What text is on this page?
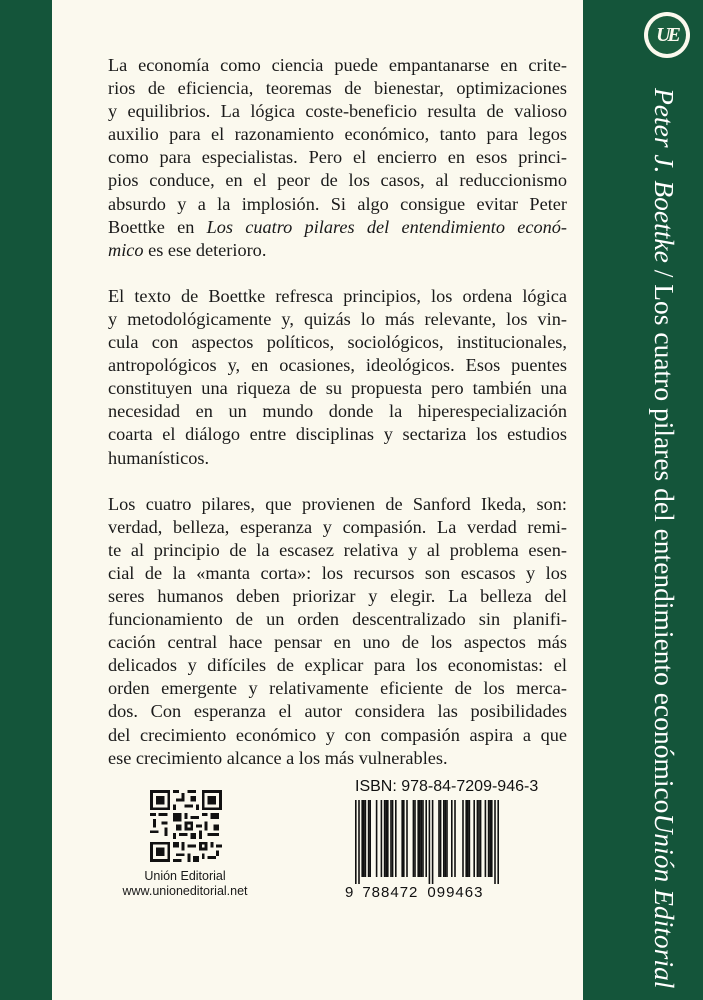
UE
Peter J. Boettke / Los cuatro pilares del entendimiento económico
Unión Editorial

La economía como ciencia puede empantanarse en crite-
rios de eficiencia, teoremas de bienestar, optimizaciones
y equilibrios. La lógica coste-beneficio resulta de valioso
auxilio para el razonamiento económico, tanto para legos
como para especialistas. Pero el encierro en esos princi-
pios conduce, en el peor de los casos, al reduccionismo
absurdo y a la implosión. Si algo consigue evitar Peter
Boettke en Los cuatro pilares del entendimiento econó-
mico es ese deterioro.

El texto de Boettke refresca principios, los ordena lógica
y metodológicamente y, quizás lo más relevante, los vin-
cula con aspectos políticos, sociológicos, institucionales,
antropológicos y, en ocasiones, ideológicos. Esos puentes
constituyen una riqueza de su propuesta pero también una
necesidad en un mundo donde la hiperespecialización
coarta el diálogo entre disciplinas y sectariza los estudios
humanísticos.

Los cuatro pilares, que provienen de Sanford Ikeda, son:
verdad, belleza, esperanza y compasión. La verdad remi-
te al principio de la escasez relativa y al problema esen-
cial de la «manta corta»: los recursos son escasos y los
seres humanos deben priorizar y elegir. La belleza del
funcionamiento de un orden descentralizado sin planifi-
cación central hace pensar en uno de los aspectos más
delicados y difíciles de explicar para los economistas: el
orden emergente y relativamente eficiente de los merca-
dos. Con esperanza el autor considera las posibilidades
del crecimiento económico y con compasión aspira a que
ese crecimiento alcance a los más vulnerables.

Unión Editorial
www.unioneditorial.net
ISBN: 978-84-7209-946-3
9 788472 099463
